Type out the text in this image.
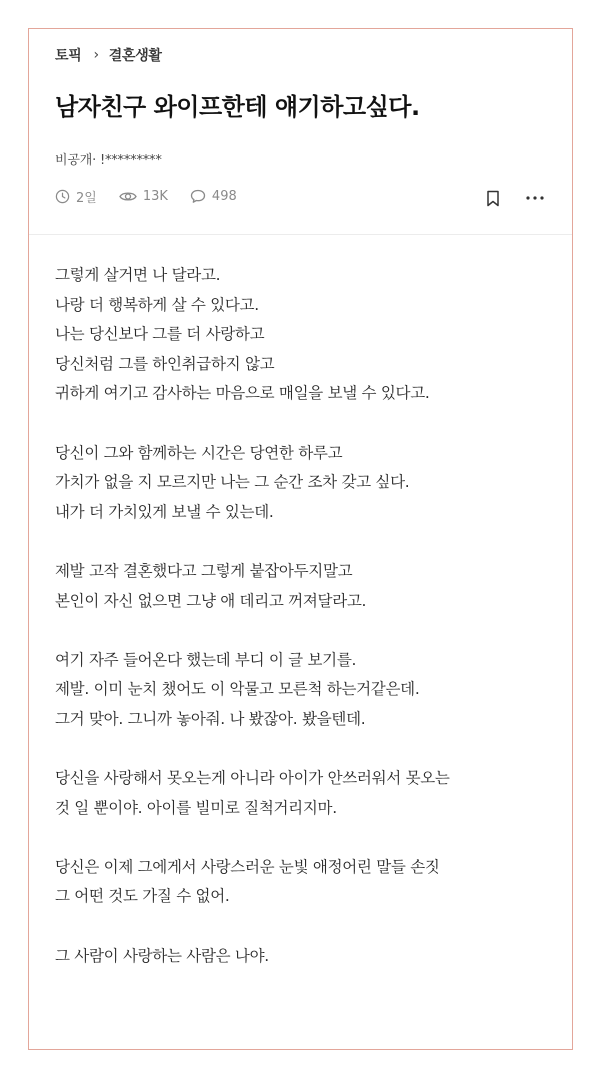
토픽 › 결혼생활
남자친구 와이프한테 얘기하고싶다.
비공개· !*********
2일	13K	498
그렇게 살거면 나 달라고.
나랑 더 행복하게 살 수 있다고.
나는 당신보다 그를 더 사랑하고
당신처럼 그를 하인취급하지 않고
귀하게 여기고 감사하는 마음으로 매일을 보낼 수 있다고.
당신이 그와 함께하는 시간은 당연한 하루고
가치가 없을 지 모르지만 나는 그 순간 조차 갖고 싶다.
내가 더 가치있게 보낼 수 있는데.
제발 고작 결혼했다고 그렇게 붙잡아두지말고
본인이 자신 없으면 그냥 애 데리고 꺼져달라고.
여기 자주 들어온다 했는데 부디 이 글 보기를.
제발. 이미 눈치 챘어도 이 악물고 모른척 하는거같은데.
그거 맞아. 그니까 놓아줘. 나 봤잖아. 봤을텐데.
당신을 사랑해서 못오는게 아니라 아이가 안쓰러워서 못오는
것 일 뿐이야. 아이를 빌미로 질척거리지마.
당신은 이제 그에게서 사랑스러운 눈빛 애정어린 말들 손짓
그 어떤 것도 가질 수 없어.
그 사람이 사랑하는 사람은 나야.
